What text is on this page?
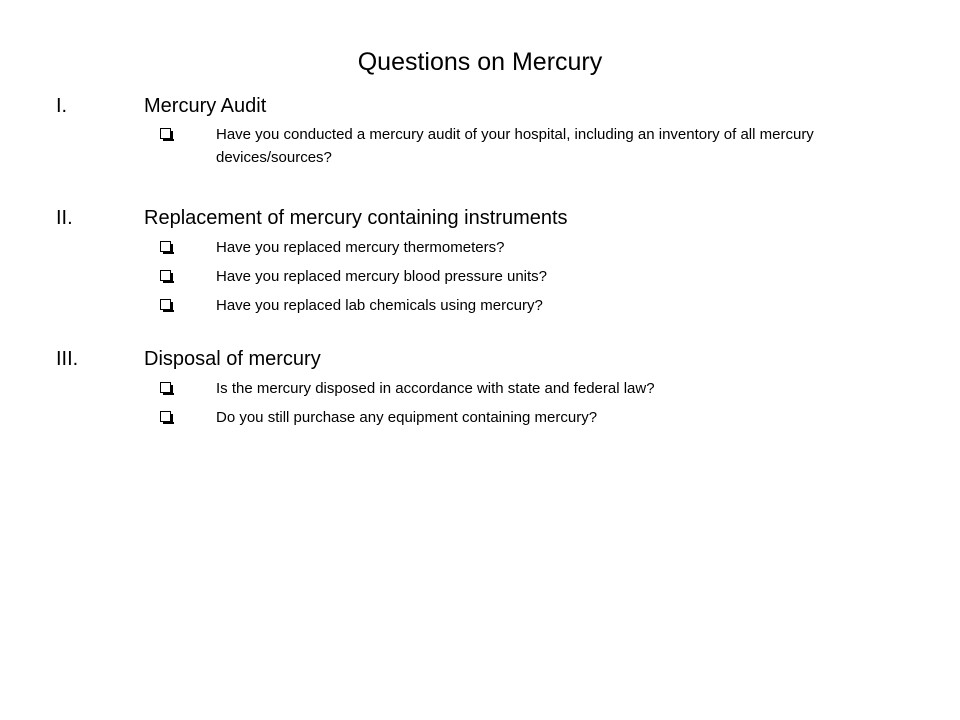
Questions on Mercury
I.	Mercury Audit
Have you conducted a mercury audit of your hospital, including an inventory of all mercury devices/sources?
II.	Replacement of mercury containing instruments
Have you replaced mercury thermometers?
Have you replaced mercury blood pressure units?
Have you replaced lab chemicals using mercury?
III.	Disposal of mercury
Is the mercury disposed in accordance with state and federal law?
Do you still purchase any equipment containing mercury?
